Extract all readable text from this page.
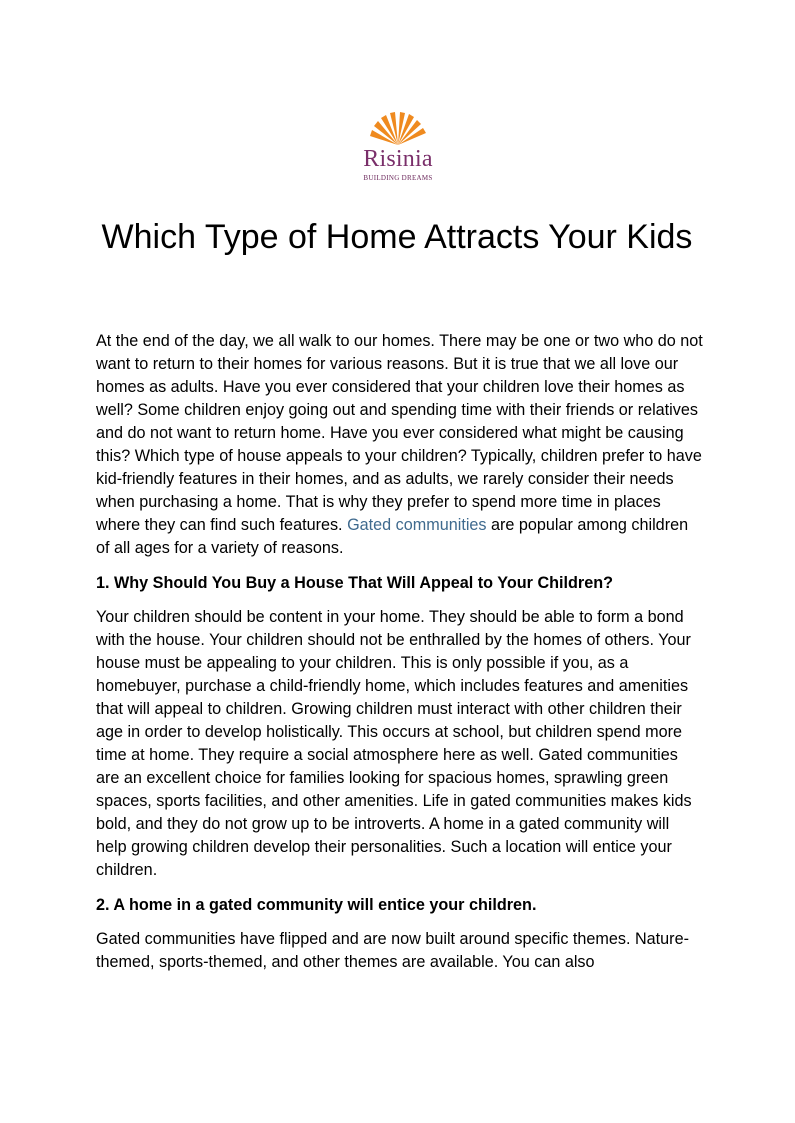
Risinia
BUILDING DREAMS
Which Type of Home Attracts Your Kids

At the end of the day, we all walk to our homes. There may be one or two who do not want to return to their homes for various reasons. But it is true that we all love our homes as adults. Have you ever considered that your children love their homes as well? Some children enjoy going out and spending time with their friends or relatives and do not want to return home. Have you ever considered what might be causing this? Which type of house appeals to your children? Typically, children prefer to have kid-friendly features in their homes, and as adults, we rarely consider their needs when purchasing a home. That is why they prefer to spend more time in places where they can find such features. Gated communities are popular among children of all ages for a variety of reasons.

1. Why Should You Buy a House That Will Appeal to Your Children?

Your children should be content in your home. They should be able to form a bond with the house. Your children should not be enthralled by the homes of others. Your house must be appealing to your children. This is only possible if you, as a homebuyer, purchase a child-friendly home, which includes features and amenities that will appeal to children. Growing children must interact with other children their age in order to develop holistically. This occurs at school, but children spend more time at home. They require a social atmosphere here as well. Gated communities are an excellent choice for families looking for spacious homes, sprawling green spaces, sports facilities, and other amenities. Life in gated communities makes kids bold, and they do not grow up to be introverts. A home in a gated community will help growing children develop their personalities. Such a location will entice your children.

2. A home in a gated community will entice your children.

Gated communities have flipped and are now built around specific themes. Nature-themed, sports-themed, and other themes are available. You can also
